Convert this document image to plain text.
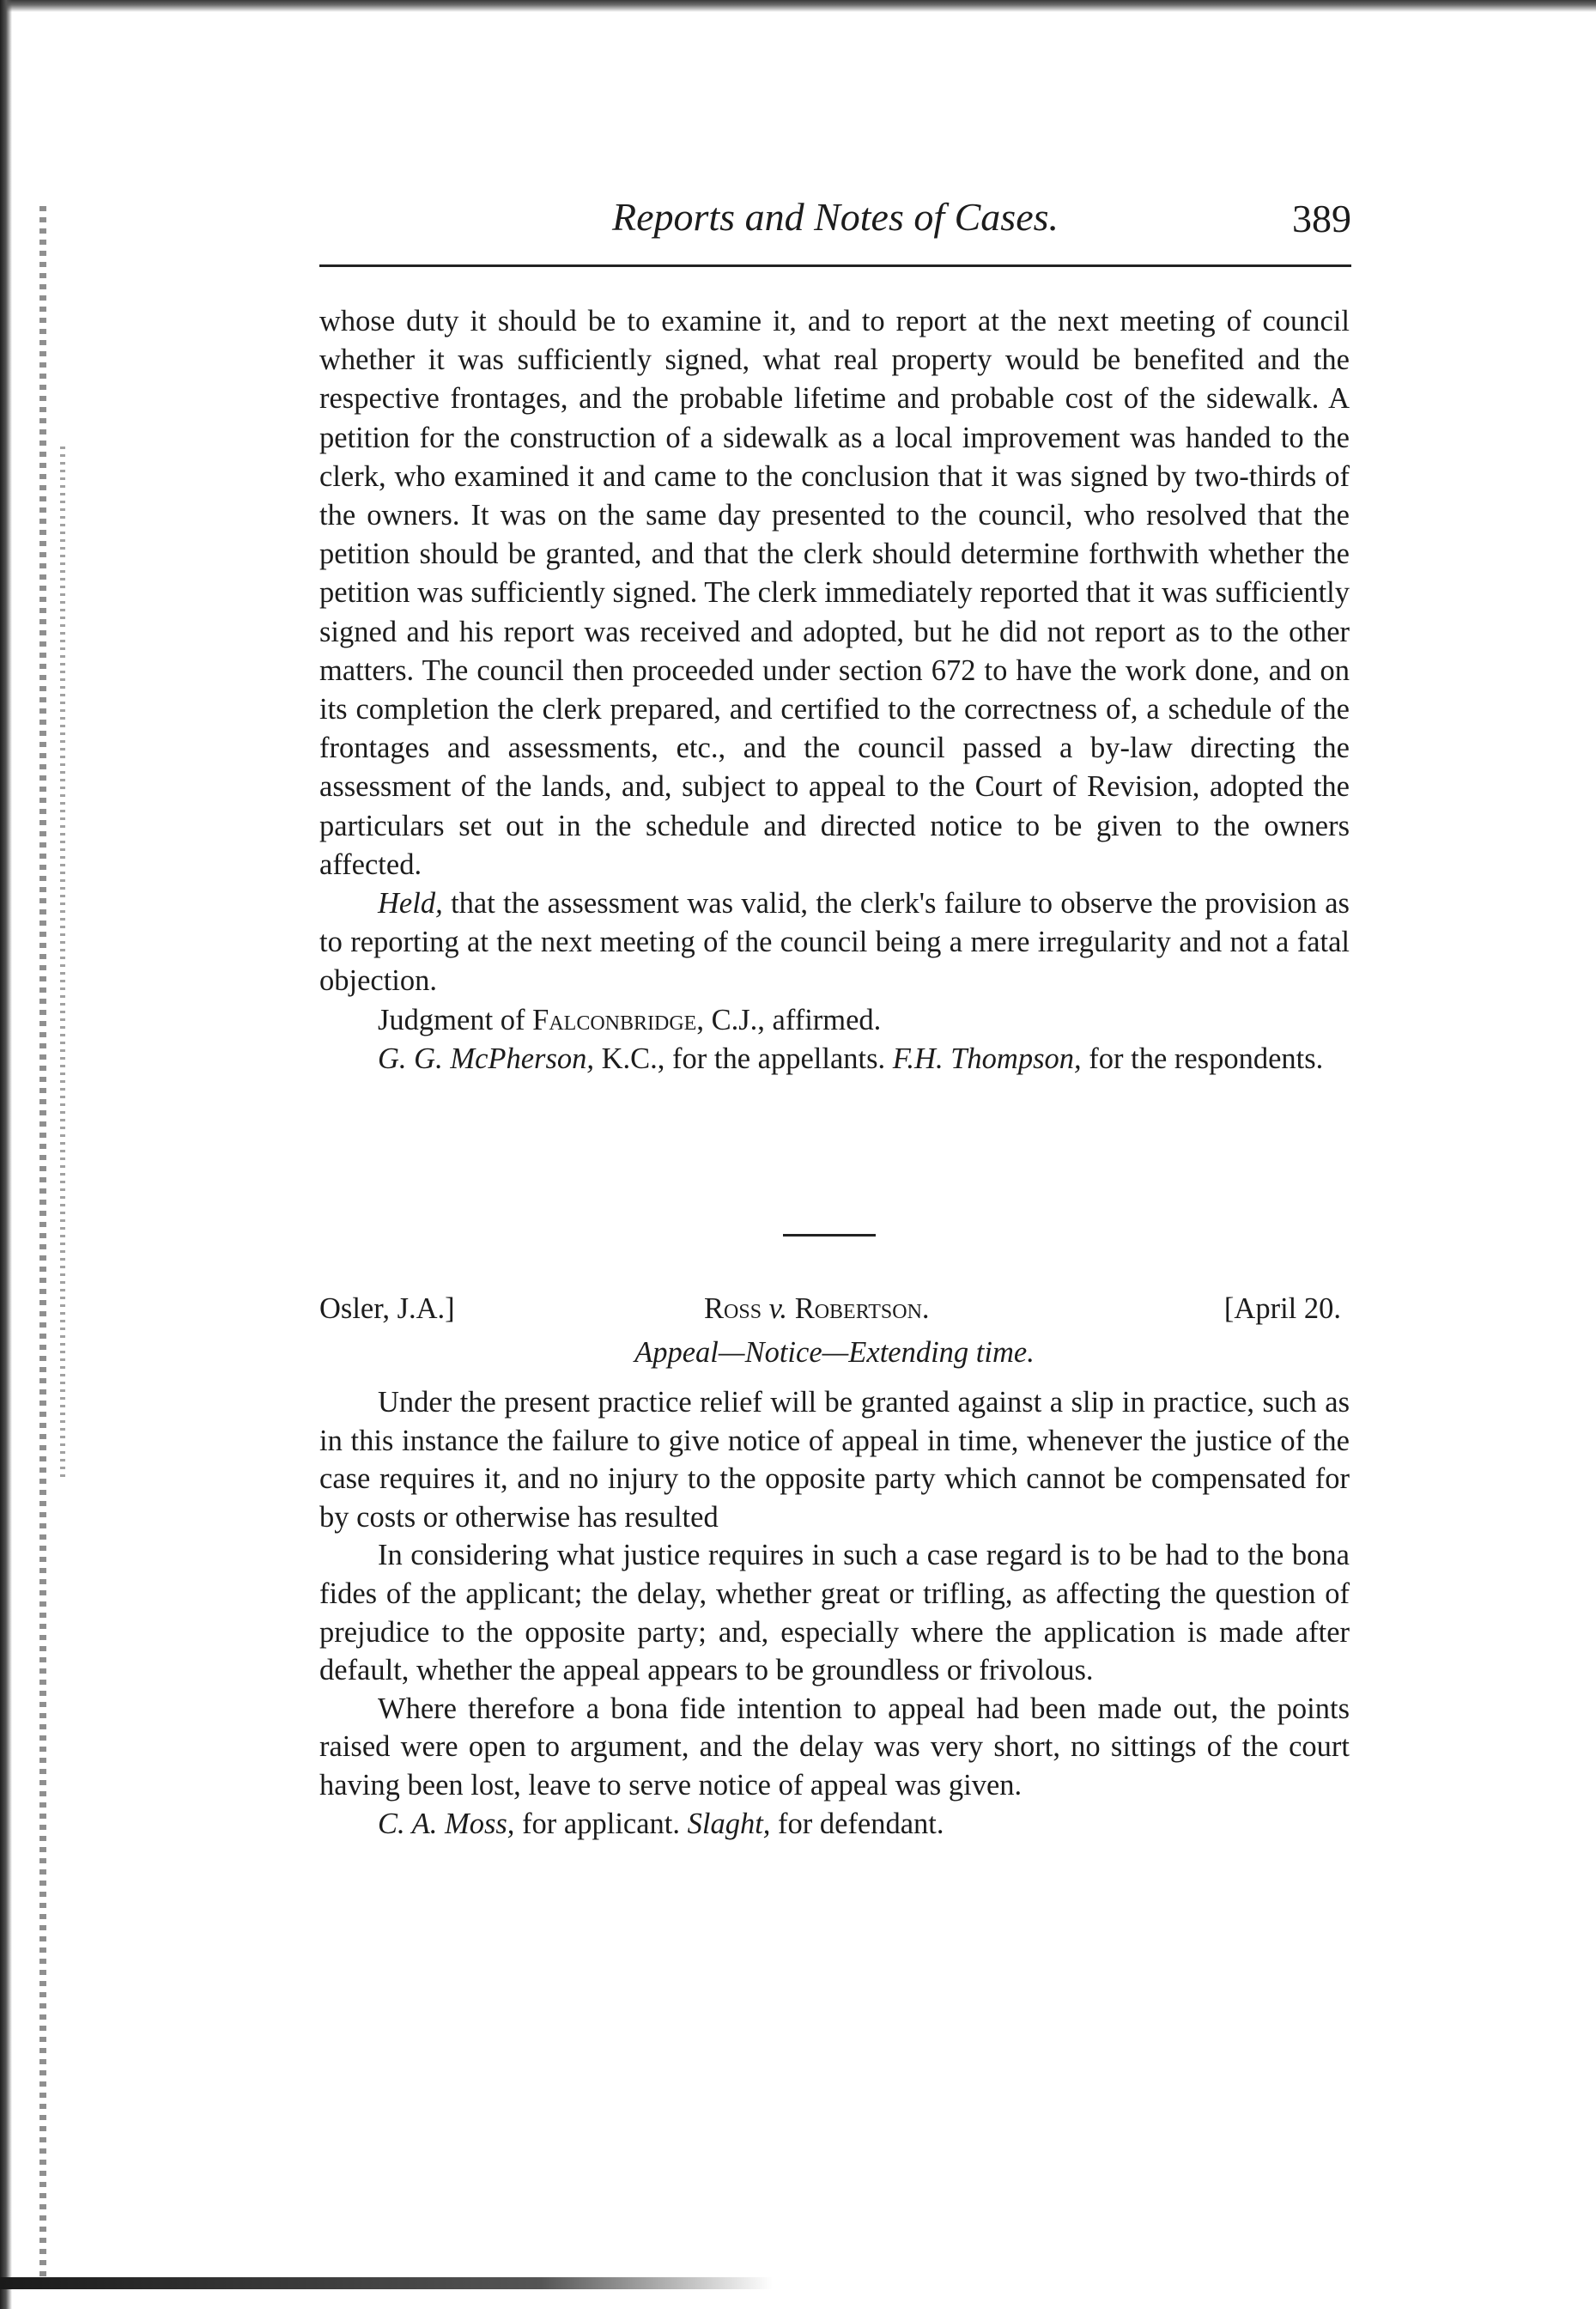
Reports and Notes of Cases.	389

whose duty it should be to examine it, and to report at the next meeting of council whether it was sufficiently signed, what real property would be benefited and the respective frontages, and the probable lifetime and probable cost of the sidewalk. A petition for the construction of a sidewalk as a local improvement was handed to the clerk, who examined it and came to the conclusion that it was signed by two-thirds of the owners. It was on the same day presented to the council, who resolved that the petition should be granted, and that the clerk should determine forthwith whether the petition was sufficiently signed. The clerk immediately reported that it was sufficiently signed and his report was received and adopted, but he did not report as to the other matters. The council then proceeded under section 672 to have the work done, and on its completion the clerk prepared, and certified to the correctness of, a schedule of the frontages and assessments, etc., and the council passed a by-law directing the assessment of the lands, and, subject to appeal to the Court of Revision, adopted the particulars set out in the schedule and directed notice to be given to the owners affected.

Held, that the assessment was valid, the clerk's failure to observe the provision as to reporting at the next meeting of the council being a mere irregularity and not a fatal objection.

Judgment of Falconbridge, C.J., affirmed.

G. G. McPherson, K.C., for the appellants. F.H. Thompson, for the respondents.

Osler, J.A.]	Ross v. Robertson.	[April 20.
Appeal—Notice—Extending time.

Under the present practice relief will be granted against a slip in practice, such as in this instance the failure to give notice of appeal in time, whenever the justice of the case requires it, and no injury to the opposite party which cannot be compensated for by costs or otherwise has resulted

In considering what justice requires in such a case regard is to be had to the bona fides of the applicant; the delay, whether great or trifling, as affecting the question of prejudice to the opposite party; and, especially where the application is made after default, whether the appeal appears to be groundless or frivolous.

Where therefore a bona fide intention to appeal had been made out, the points raised were open to argument, and the delay was very short, no sittings of the court having been lost, leave to serve notice of appeal was given.

C. A. Moss, for applicant. Slaght, for defendant.
